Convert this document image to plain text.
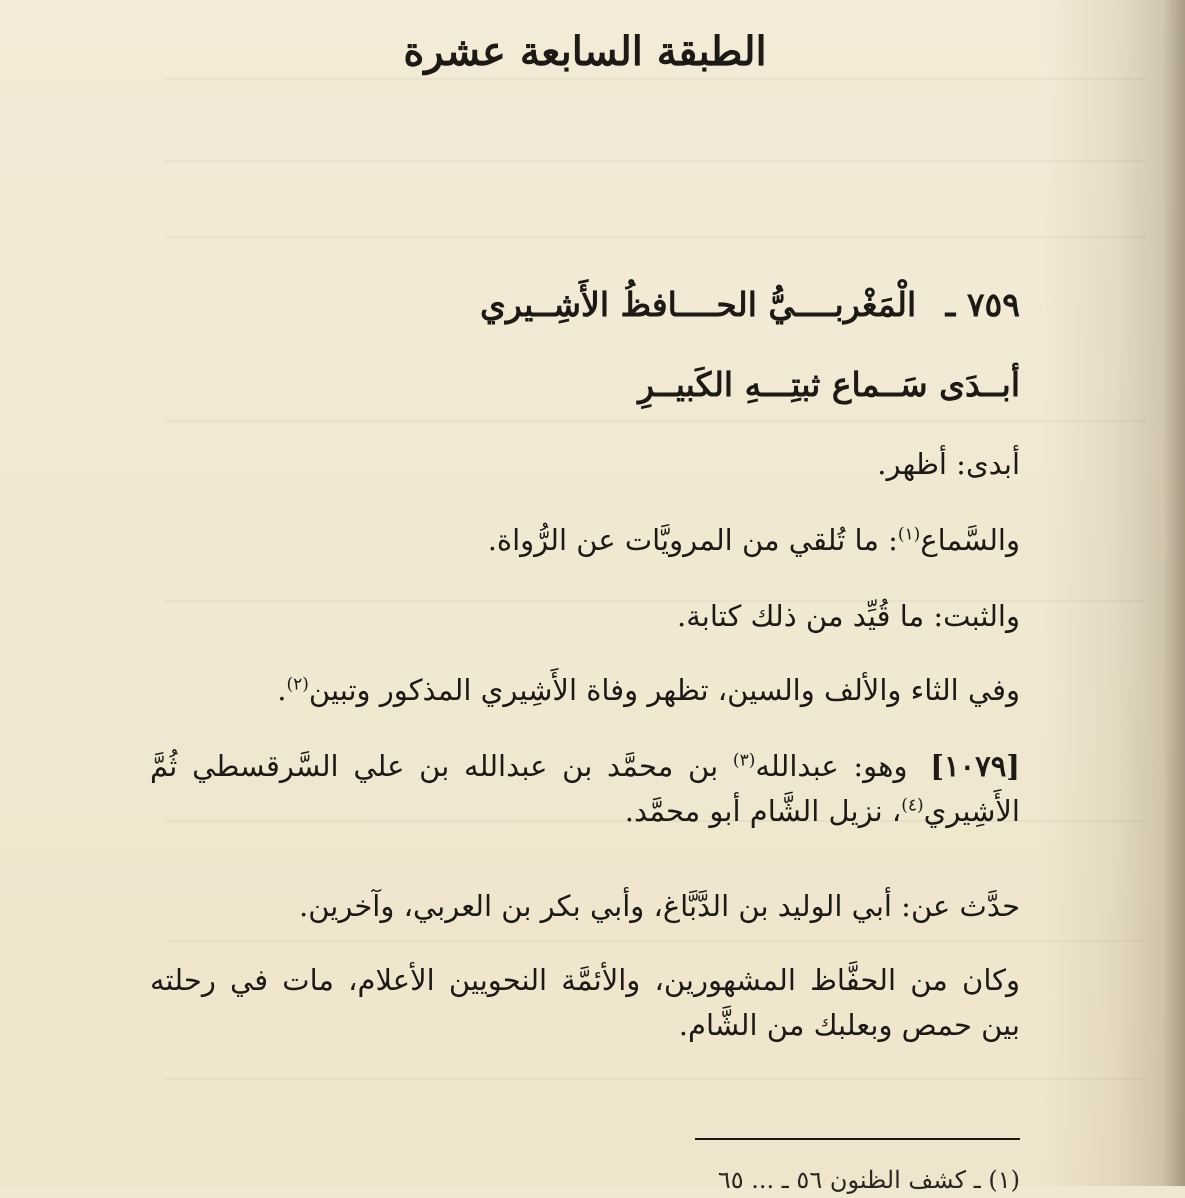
الطبقة السابعة عشرة
٧٥٩ ـ الْمَغْربــــيُّ الحــــافظُ الأَشِــيري
أبــدَى سَــماع ثبتِـــهِ الكَبيــرِ
أبدى: أظهر.
والسَّماع$^{(١)}$: ما تُلقي من المرويَّات عن الرُّواة.
والثبت: ما قُيِّد من ذلك كتابة.
وفي الثاء والألف والسين، تظهر وفاة الأَشِيري المذكور وتبين$^{(٢)}$.
[١٠٧٩] وهو: عبدالله$^{(٣)}$ بن محمَّد بن عبدالله بن علي السَّرقسطي ثُمَّ الأَشِيري$^{(٤)}$، نزيل الشَّام أبو محمَّد.
حدَّث عن: أبي الوليد بن الدَّبَّاغ، وأبي بكر بن العربي، وآخرين.
وكان من الحفَّاظ المشهورين، والأئمَّة النحويين الأعلام، مات في رحلته بين حمص وبعلبك من الشَّام.
(١) ـ كشف الظنون ٥٦ ـ ... ٦٥
